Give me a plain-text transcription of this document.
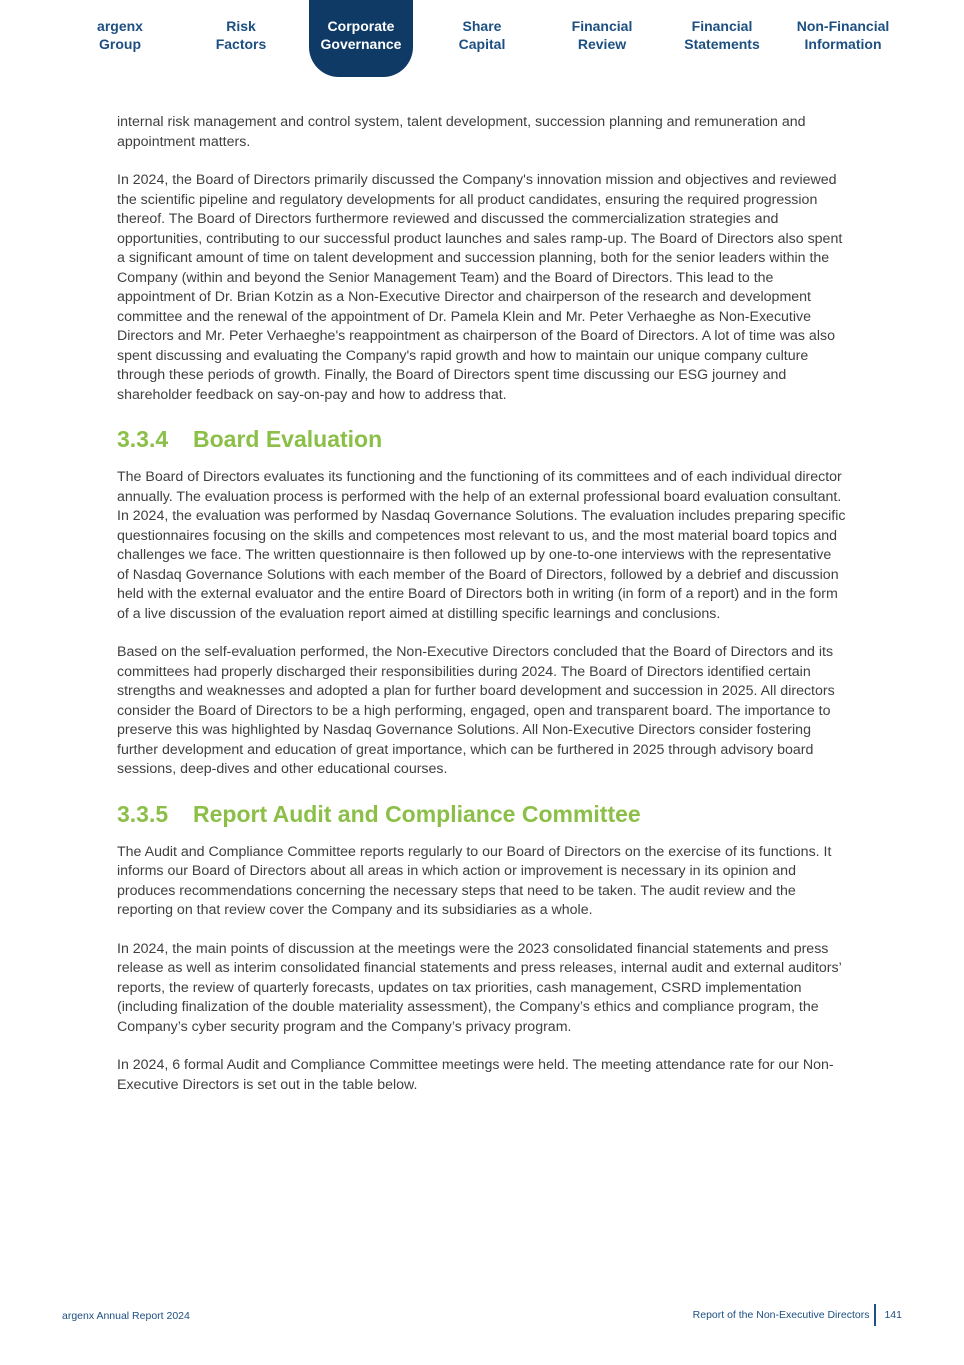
argenx
Group
Risk
Factors
Corporate
Governance
Share
Capital
Financial
Review
Financial
Statements
Non-Financial
Information

internal risk management and control system, talent development, succession planning and remuneration and appointment matters.

In 2024, the Board of Directors primarily discussed the Company's innovation mission and objectives and reviewed the scientific pipeline and regulatory developments for all product candidates, ensuring the required progression thereof. The Board of Directors furthermore reviewed and discussed the commercialization strategies and opportunities, contributing to our successful product launches and sales ramp-up. The Board of Directors also spent a significant amount of time on talent development and succession planning, both for the senior leaders within the Company (within and beyond the Senior Management Team) and the Board of Directors. This lead to the appointment of Dr. Brian Kotzin as a Non-Executive Director and chairperson of the research and development committee and the renewal of the appointment of Dr. Pamela Klein and Mr. Peter Verhaeghe as Non-Executive Directors and Mr. Peter Verhaeghe's reappointment as chairperson of the Board of Directors. A lot of time was also spent discussing and evaluating the Company's rapid growth and how to maintain our unique company culture through these periods of growth. Finally, the Board of Directors spent time discussing our ESG journey and shareholder feedback on say-on-pay and how to address that.

3.3.4 Board Evaluation

The Board of Directors evaluates its functioning and the functioning of its committees and of each individual director annually. The evaluation process is performed with the help of an external professional board evaluation consultant. In 2024, the evaluation was performed by Nasdaq Governance Solutions. The evaluation includes preparing specific questionnaires focusing on the skills and competences most relevant to us, and the most material board topics and challenges we face. The written questionnaire is then followed up by one-to-one interviews with the representative of Nasdaq Governance Solutions with each member of the Board of Directors, followed by a debrief and discussion held with the external evaluator and the entire Board of Directors both in writing (in form of a report) and in the form of a live discussion of the evaluation report aimed at distilling specific learnings and conclusions.

Based on the self-evaluation performed, the Non-Executive Directors concluded that the Board of Directors and its committees had properly discharged their responsibilities during 2024. The Board of Directors identified certain strengths and weaknesses and adopted a plan for further board development and succession in 2025. All directors consider the Board of Directors to be a high performing, engaged, open and transparent board. The importance to preserve this was highlighted by Nasdaq Governance Solutions. All Non-Executive Directors consider fostering further development and education of great importance, which can be furthered in 2025 through advisory board sessions, deep-dives and other educational courses.

3.3.5 Report Audit and Compliance Committee

The Audit and Compliance Committee reports regularly to our Board of Directors on the exercise of its functions. It informs our Board of Directors about all areas in which action or improvement is necessary in its opinion and produces recommendations concerning the necessary steps that need to be taken. The audit review and the reporting on that review cover the Company and its subsidiaries as a whole.

In 2024, the main points of discussion at the meetings were the 2023 consolidated financial statements and press release as well as interim consolidated financial statements and press releases, internal audit and external auditors’ reports, the review of quarterly forecasts, updates on tax priorities, cash management, CSRD implementation (including finalization of the double materiality assessment), the Company’s ethics and compliance program, the Company’s cyber security program and the Company’s privacy program.

In 2024, 6 formal Audit and Compliance Committee meetings were held. The meeting attendance rate for our Non-Executive Directors is set out in the table below.

argenx Annual Report 2024	Report of the Non-Executive Directors 141
